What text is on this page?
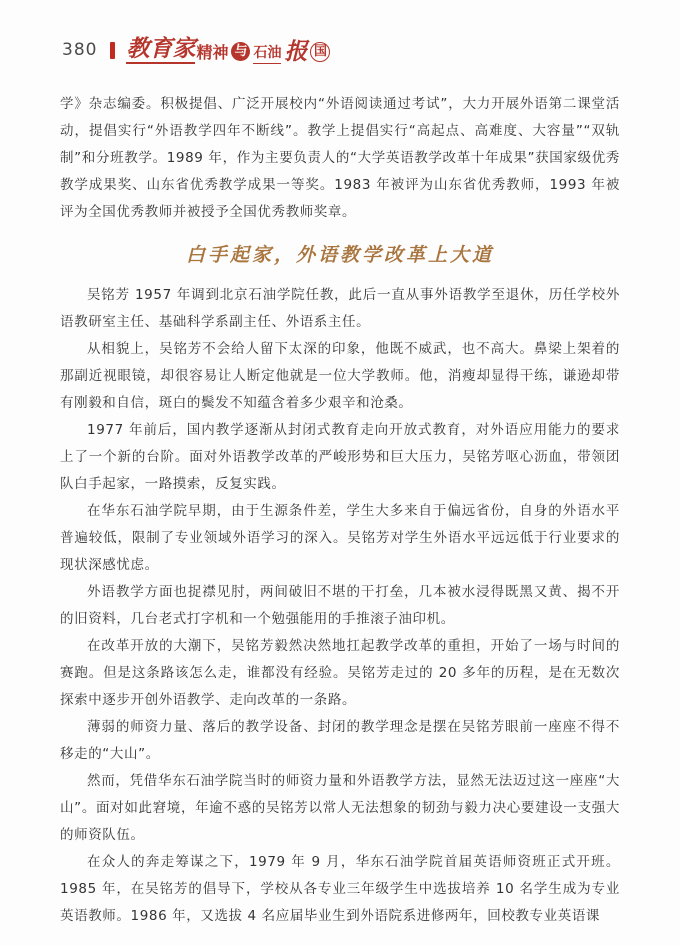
380 教育家 精神 与 石油 报 国

学》杂志编委。积极提倡、广泛开展校内“外语阅读通过考试”，大力开展外语第二课堂活动，提倡实行“外语教学四年不断线”。教学上提倡实行“高起点、高难度、大容量”“双轨制”和分班教学。1989 年，作为主要负责人的“大学英语教学改革十年成果”获国家级优秀教学成果奖、山东省优秀教学成果一等奖。1983 年被评为山东省优秀教师，1993 年被评为全国优秀教师并被授予全国优秀教师奖章。

白手起家，外语教学改革上大道

吴铭芳 1957 年调到北京石油学院任教，此后一直从事外语教学至退休，历任学校外语教研室主任、基础科学系副主任、外语系主任。

从相貌上，吴铭芳不会给人留下太深的印象，他既不威武，也不高大。鼻梁上架着的那副近视眼镜，却很容易让人断定他就是一位大学教师。他，消瘦却显得干练，谦逊却带有刚毅和自信，斑白的鬓发不知蕴含着多少艰辛和沧桑。

1977 年前后，国内教学逐渐从封闭式教育走向开放式教育，对外语应用能力的要求上了一个新的台阶。面对外语教学改革的严峻形势和巨大压力，吴铭芳呕心沥血，带领团队白手起家，一路摸索，反复实践。

在华东石油学院早期，由于生源条件差，学生大多来自于偏远省份，自身的外语水平普遍较低，限制了专业领域外语学习的深入。吴铭芳对学生外语水平远远低于行业要求的现状深感忧虑。

外语教学方面也捉襟见肘，两间破旧不堪的干打垒，几本被水浸得既黑又黄、揭不开的旧资料，几台老式打字机和一个勉强能用的手推滚子油印机。

在改革开放的大潮下，吴铭芳毅然决然地扛起教学改革的重担，开始了一场与时间的赛跑。但是这条路该怎么走，谁都没有经验。吴铭芳走过的 20 多年的历程，是在无数次探索中逐步开创外语教学、走向改革的一条路。

薄弱的师资力量、落后的教学设备、封闭的教学理念是摆在吴铭芳眼前一座座不得不移走的“大山”。

然而，凭借华东石油学院当时的师资力量和外语教学方法，显然无法迈过这一座座“大山”。面对如此窘境，年逾不惑的吴铭芳以常人无法想象的韧劲与毅力决心要建设一支强大的师资队伍。

在众人的奔走筹谋之下，1979 年 9 月，华东石油学院首届英语师资班正式开班。1985 年，在吴铭芳的倡导下，学校从各专业三年级学生中选拔培养 10 名学生成为专业英语教师。1986 年，又选拔 4 名应届毕业生到外语院系进修两年，回校教专业英语课
